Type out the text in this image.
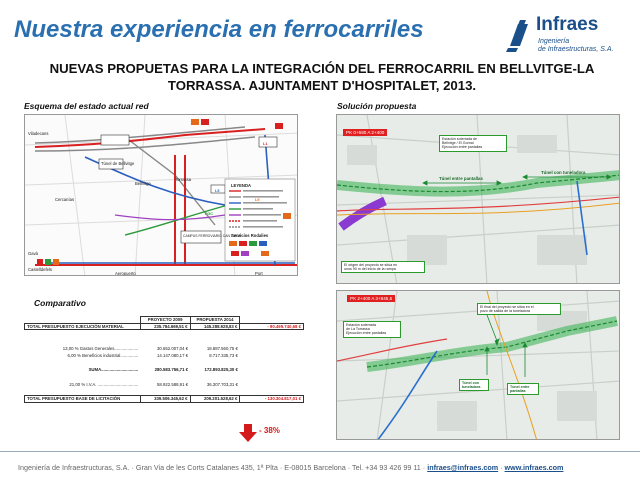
Nuestra experiencia en ferrocarriles	Infraes
Ingeniería
de Infraestructuras, S.A.
NUEVAS PROPUETAS PARA LA INTEGRACIÓN DEL FERROCARRIL EN BELLVITGE-LA TORRASSA. AJUNTAMENT D'HOSPITALET, 2013.
Esquema del estado actual red	Solución propuesta
Comparativo
Viladecans
Gavà
Castelldefels
Bellvitge
Torrassa
Túnel de Bellvitge
Cercanías
LEYENDA
Servicios Rodalies
CAMPUS FERROVIARIO CAN TUNIS
L1
L5
L9
FGC
Port
Aeropuerto
Túnel entre pantallas
Túnel con tuneladora
PK 0+580 A 2+400
Estación soterrada de
Bellvitge / El Gornal
Ejecución entre pantallas
El origen del proyecto se sitúa en
unos 90 m del inicio de la rampa
PK 2+400 A 3+845,5
Estación soterrada
de La Torrassa
Ejecución entre pantallas
El final del proyecto se sitúa en el
pozo de salida de la tuneladora
Túnel con
tuneladora	Túnel entre
pantallas
	PROYECTO 2009	PROPUESTA 2014	
TOTAL PRESUPUESTO EJECUCIÓN MATERIAL	235.784.669,51 €	145.288.928,83 €	- 90.495.740,68 €

13,00 % Gastos Generales....................	30.652.007,04 €	18.887.560,75 €	
6,00 % Beneficios industrial...............	14.147.080,17 €	8.717.335,73 €	

SUMA...............................	280.583.756,71 €	172.893.825,30 €	

21,00 % I.V.A. ..................................	58.922.588,91 €	36.307.703,31 €	

TOTAL PRESUPUESTO BASE DE LICITACIÓN	339.506.345,62 €	209.201.528,62 €	- 130.304.817,01 €
- 38%
Ingeniería de Infraestructuras, S.A. · Gran Via de les Corts Catalanes 435, 1ª Plta · E-08015 Barcelona · Tel. +34 93 426 99 11 · infraes@infraes.com · www.infraes.com
